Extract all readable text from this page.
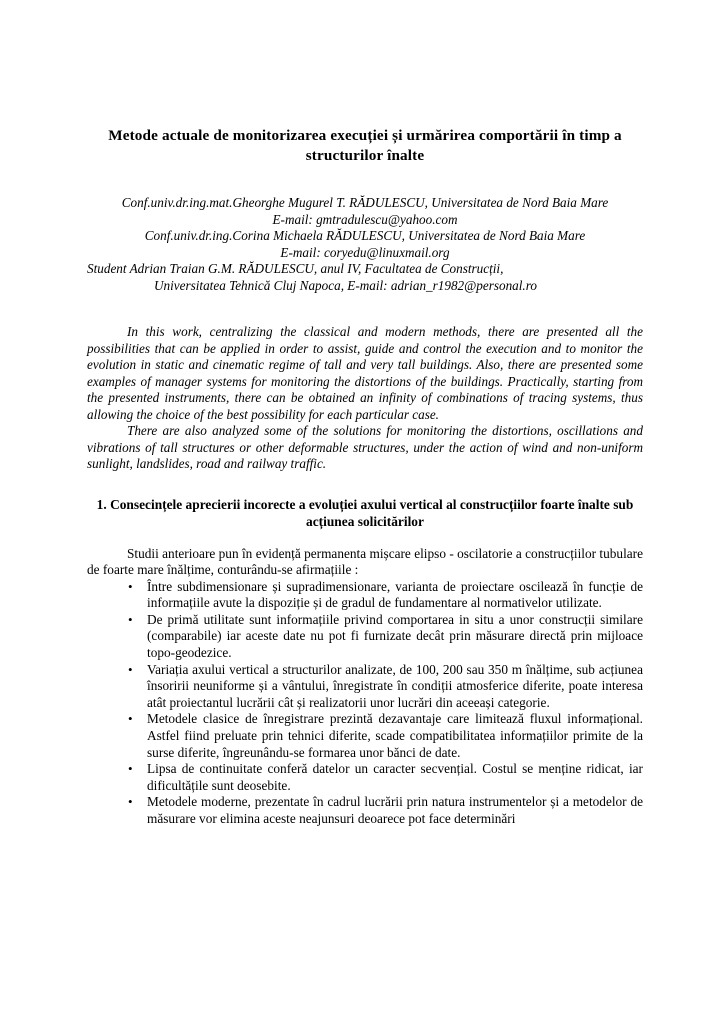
Metode actuale de monitorizarea execuției și urmărirea comportării în timp a structurilor înalte
Conf.univ.dr.ing.mat.Gheorghe Mugurel T. RĂDULESCU, Universitatea de Nord Baia Mare
E-mail: gmtradulescu@yahoo.com
Conf.univ.dr.ing.Corina Michaela RĂDULESCU, Universitatea de Nord Baia Mare
E-mail: coryedu@linuxmail.org
Student Adrian Traian G.M. RĂDULESCU, anul IV, Facultatea de Construcții,
Universitatea Tehnică Cluj Napoca, E-mail: adrian_r1982@personal.ro

In this work, centralizing the classical and modern methods, there are presented all the possibilities that can be applied in order to assist, guide and control the execution and to monitor the evolution in static and cinematic regime of tall and very tall buildings. Also, there are presented some examples of manager systems for monitoring the distortions of the buildings. Practically, starting from the presented instruments, there can be obtained an infinity of combinations of tracing systems, thus allowing the choice of the best possibility for each particular case.

There are also analyzed some of the solutions for monitoring the distortions, oscillations and vibrations of tall structures or other deformable structures, under the action of wind and non-uniform sunlight, landslides, road and railway traffic.

1. Consecințele aprecierii incorecte a evoluției axului vertical al construcțiilor foarte înalte sub acțiunea solicitărilor

Studii anterioare pun în evidență permanenta mișcare elipso - oscilatorie a construcțiilor tubulare de foarte mare înălțime, conturându-se afirmațiile :

• Între subdimensionare și supradimensionare, varianta de proiectare oscilează în funcție de informațiile avute la dispoziție și de gradul de fundamentare al normativelor utilizate.
• De primă utilitate sunt informațiile privind comportarea in situ a unor construcții similare (comparabile) iar aceste date nu pot fi furnizate decât prin măsurare directă prin mijloace topo-geodezice.
• Variația axului vertical a structurilor analizate, de 100, 200 sau 350 m înălțime, sub acțiunea însoririi neuniforme și a vântului, înregistrate în condiții atmosferice diferite, poate interesa atât proiectantul lucrării cât și realizatorii unor lucrări din aceeași categorie.
• Metodele clasice de înregistrare prezintă dezavantaje care limitează fluxul informațional. Astfel fiind preluate prin tehnici diferite, scade compatibilitatea informațiilor primite de la surse diferite, îngreunându-se formarea unor bănci de date.
• Lipsa de continuitate conferă datelor un caracter secvențial. Costul se menține ridicat, iar dificultățile sunt deosebite.
• Metodele moderne, prezentate în cadrul lucrării prin natura instrumentelor și a metodelor de măsurare vor elimina aceste neajunsuri deoarece pot face determinări
